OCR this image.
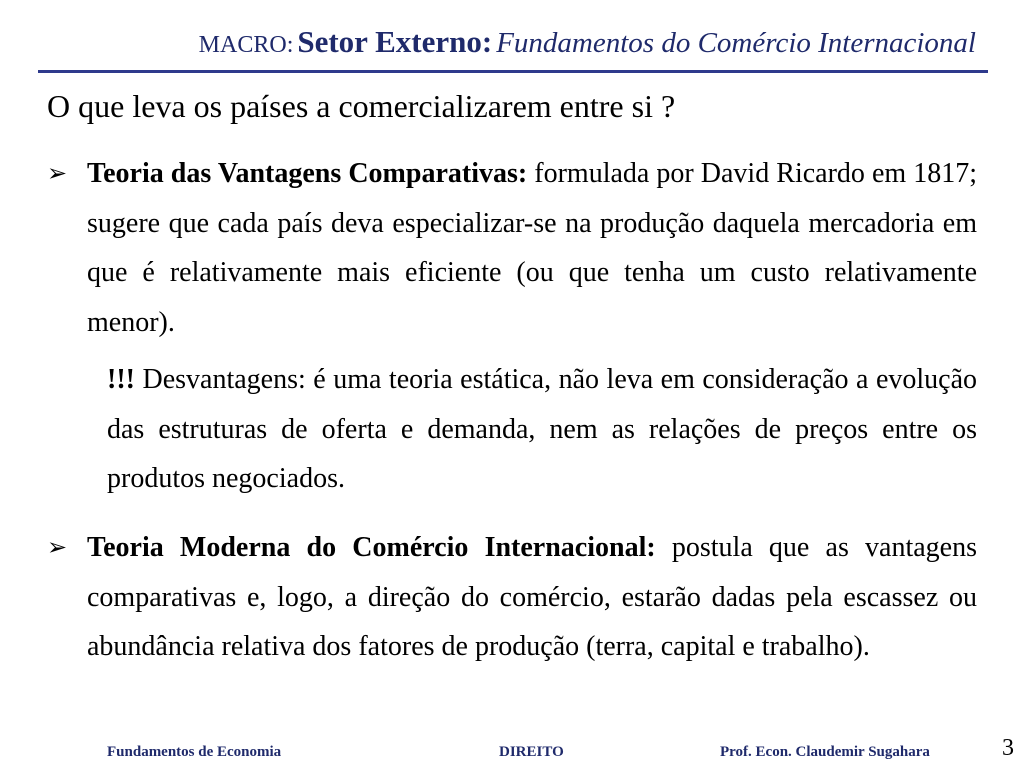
MACRO: Setor Externo: Fundamentos do Comércio Internacional
O que leva os países a comercializarem entre si ?
➢ Teoria das Vantagens Comparativas: formulada por David Ricardo em 1817; sugere que cada país deva especializar-se na produção daquela mercadoria em que é relativamente mais eficiente (ou que tenha um custo relativamente menor).

!!! Desvantagens: é uma teoria estática, não leva em consideração a evolução das estruturas de oferta e demanda, nem as relações de preços entre os produtos negociados.

➢ Teoria Moderna do Comércio Internacional: postula que as vantagens comparativas e, logo, a direção do comércio, estarão dadas pela escassez ou abundância relativa dos fatores de produção (terra, capital e trabalho).

Fundamentos de Economia	DIREITO	Prof. Econ. Claudemir Sugahara	3
